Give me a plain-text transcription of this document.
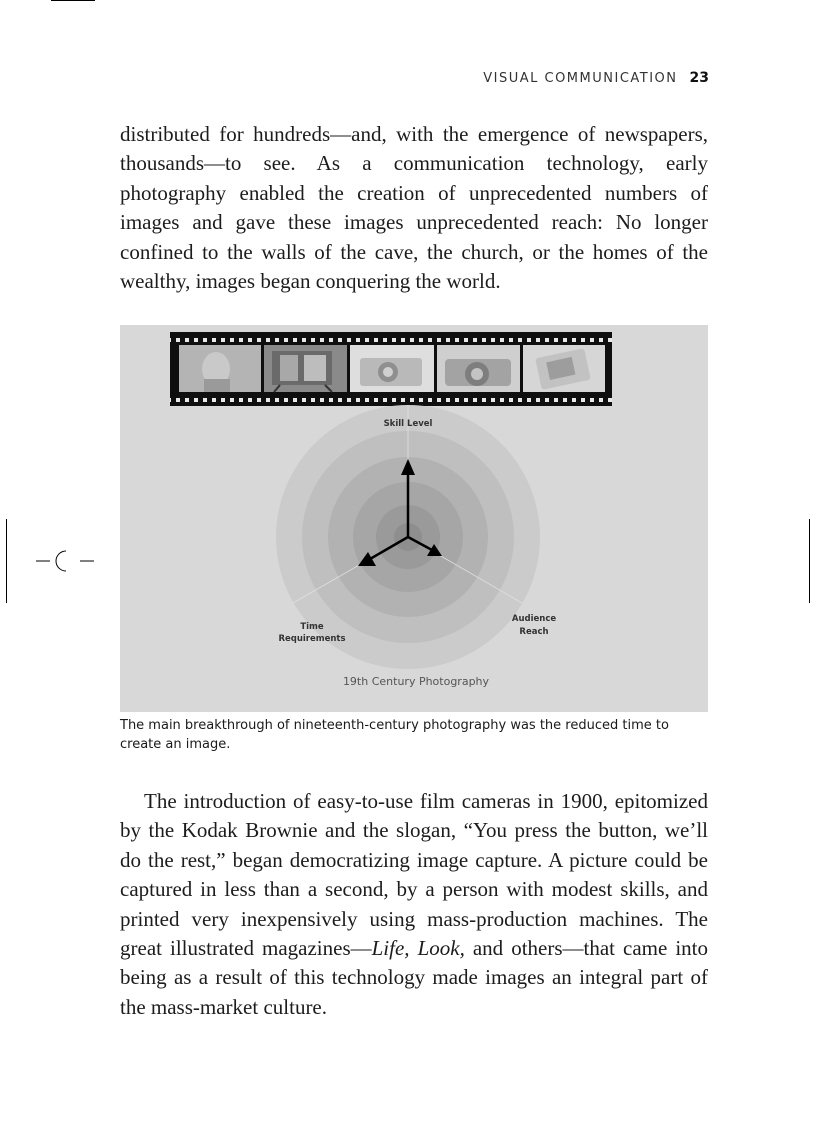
VISUAL COMMUNICATION 23

distributed for hundreds—and, with the emergence of newspapers, thousands—to see. As a communication technology, early photography enabled the creation of unprecedented numbers of images and gave these images unprecedented reach: No longer confined to the walls of the cave, the church, or the homes of the wealthy, images began conquering the world.

Skill Level
Time
Requirements
Audience
Reach
19th Century Photography

The main breakthrough of nineteenth-century photography was the reduced time to create an image.

The introduction of easy-to-use film cameras in 1900, epitomized by the Kodak Brownie and the slogan, “You press the button, we’ll do the rest,” began democratizing image capture. A picture could be captured in less than a second, by a person with modest skills, and printed very inexpensively using mass-production machines. The great illustrated magazines—Life, Look, and others—that came into being as a result of this technology made images an integral part of the mass-market culture.
